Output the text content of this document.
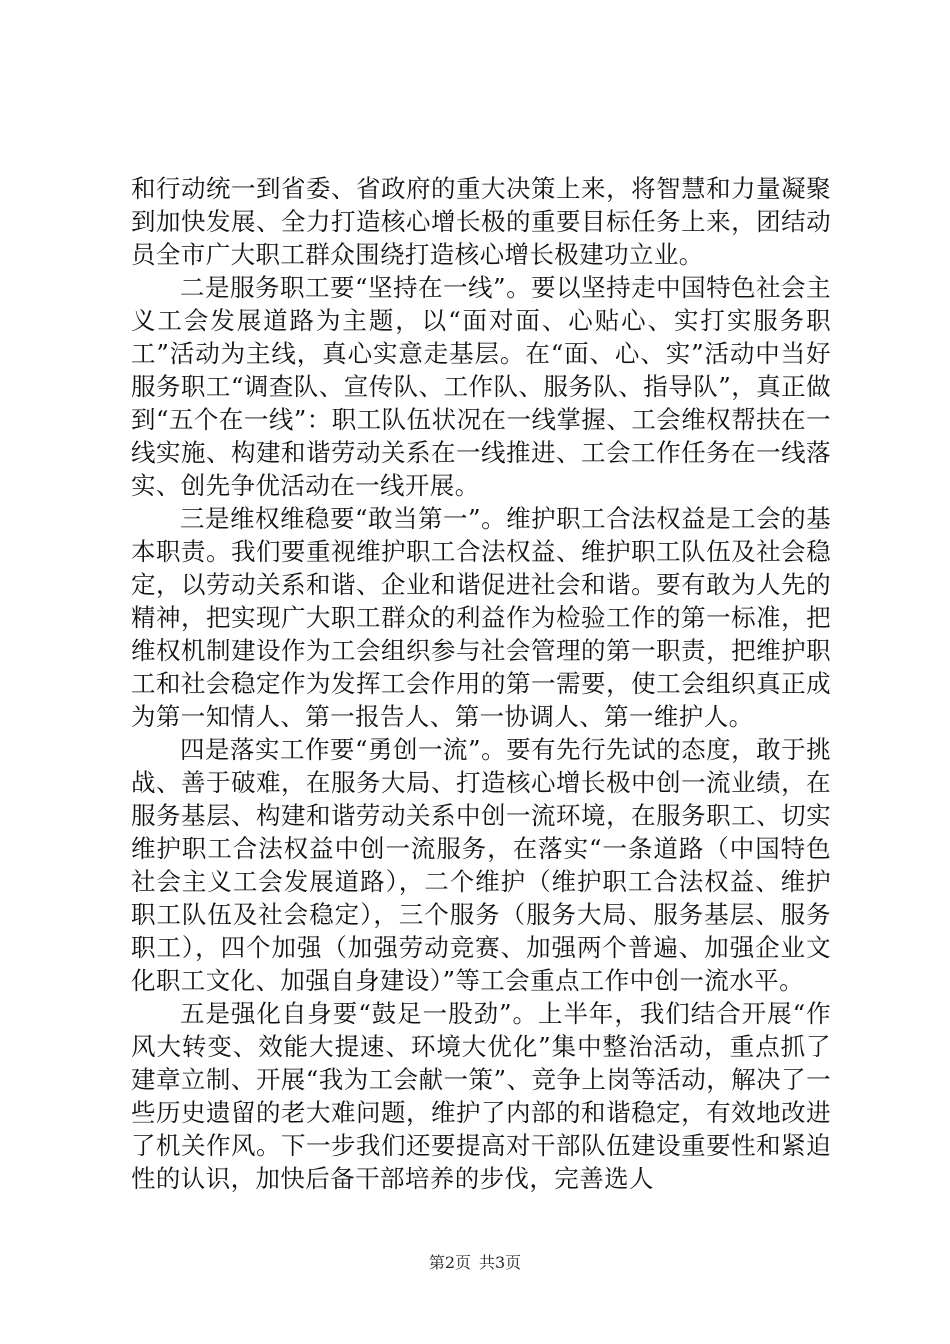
和行动统一到省委、省政府的重大决策上来，将智慧和力量凝聚到加快发展、全力打造核心增长极的重要目标任务上来，团结动员全市广大职工群众围绕打造核心增长极建功立业。

二是服务职工要“坚持在一线”。要以坚持走中国特色社会主义工会发展道路为主题，以“面对面、心贴心、实打实服务职工”活动为主线，真心实意走基层。在“面、心、实”活动中当好服务职工“调查队、宣传队、工作队、服务队、指导队”，真正做到“五个在一线”：职工队伍状况在一线掌握、工会维权帮扶在一线实施、构建和谐劳动关系在一线推进、工会工作任务在一线落实、创先争优活动在一线开展。

三是维权维稳要“敢当第一”。维护职工合法权益是工会的基本职责。我们要重视维护职工合法权益、维护职工队伍及社会稳定，以劳动关系和谐、企业和谐促进社会和谐。要有敢为人先的精神，把实现广大职工群众的利益作为检验工作的第一标准，把维权机制建设作为工会组织参与社会管理的第一职责，把维护职工和社会稳定作为发挥工会作用的第一需要，使工会组织真正成为第一知情人、第一报告人、第一协调人、第一维护人。

四是落实工作要“勇创一流”。要有先行先试的态度，敢于挑战、善于破难，在服务大局、打造核心增长极中创一流业绩，在服务基层、构建和谐劳动关系中创一流环境，在服务职工、切实维护职工合法权益中创一流服务，在落实“一条道路（中国特色社会主义工会发展道路），二个维护（维护职工合法权益、维护职工队伍及社会稳定），三个服务（服务大局、服务基层、服务职工），四个加强（加强劳动竞赛、加强两个普遍、加强企业文化职工文化、加强自身建设）”等工会重点工作中创一流水平。

五是强化自身要“鼓足一股劲”。上半年，我们结合开展“作风大转变、效能大提速、环境大优化”集中整治活动，重点抓了建章立制、开展“我为工会献一策”、竞争上岗等活动，解决了一些历史遗留的老大难问题，维护了内部的和谐稳定，有效地改进了机关作风。下一步我们还要提高对干部队伍建设重要性和紧迫性的认识，加快后备干部培养的步伐，完善选人

第2页 共3页
